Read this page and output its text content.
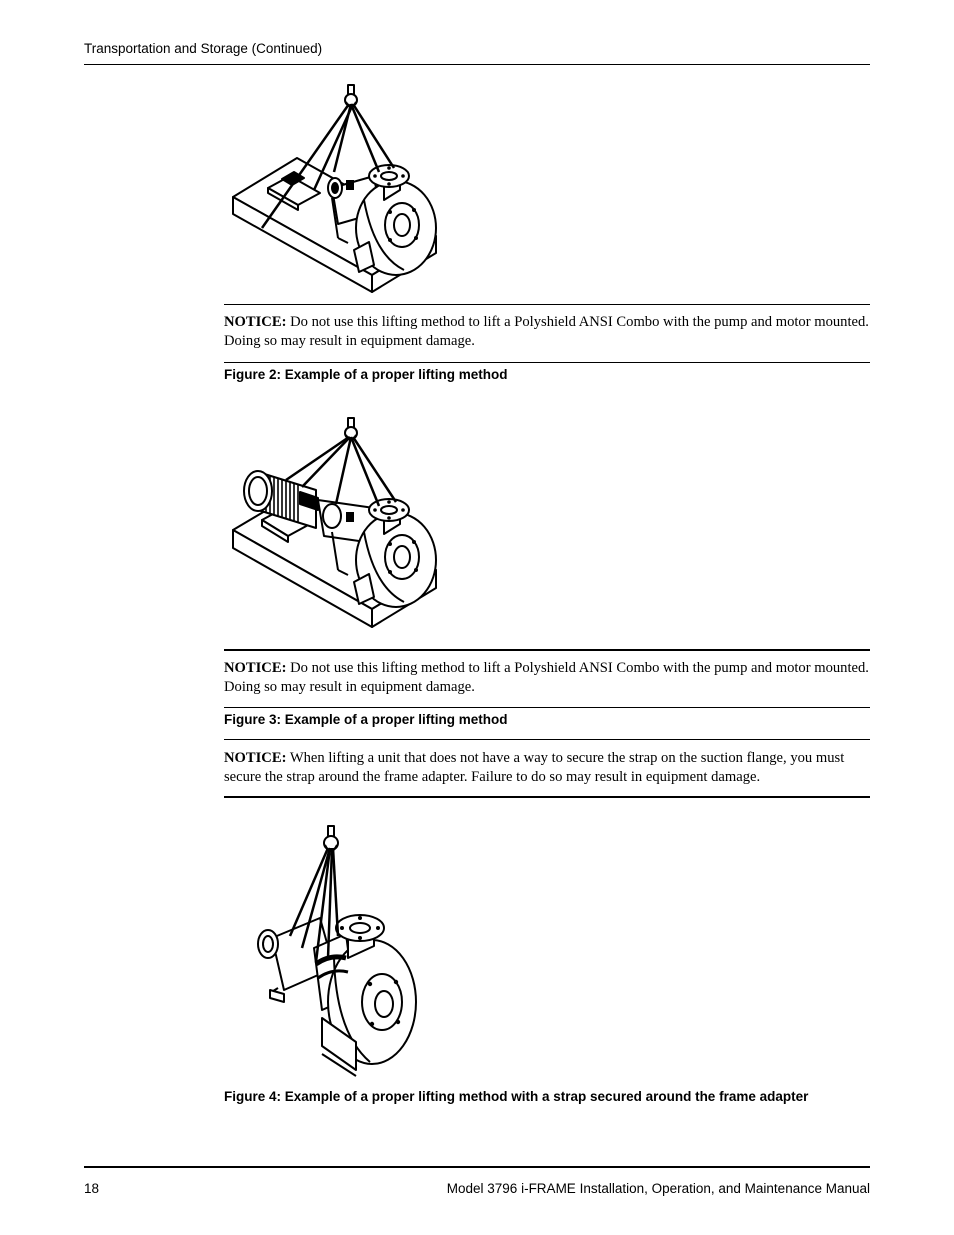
Transportation and Storage (Continued)
NOTICE: Do not use this lifting method to lift a Polyshield ANSI Combo with the pump and motor mounted. Doing so may result in equipment damage.
Figure 2: Example of a proper lifting method
NOTICE: Do not use this lifting method to lift a Polyshield ANSI Combo with the pump and motor mounted. Doing so may result in equipment damage.
Figure 3: Example of a proper lifting method
NOTICE: When lifting a unit that does not have a way to secure the strap on the suction flange, you must secure the strap around the frame adapter. Failure to do so may result in equipment damage.
Figure 4: Example of a proper lifting method with a strap secured around the frame adapter
18	Model 3796 i-FRAME Installation, Operation, and Maintenance Manual
